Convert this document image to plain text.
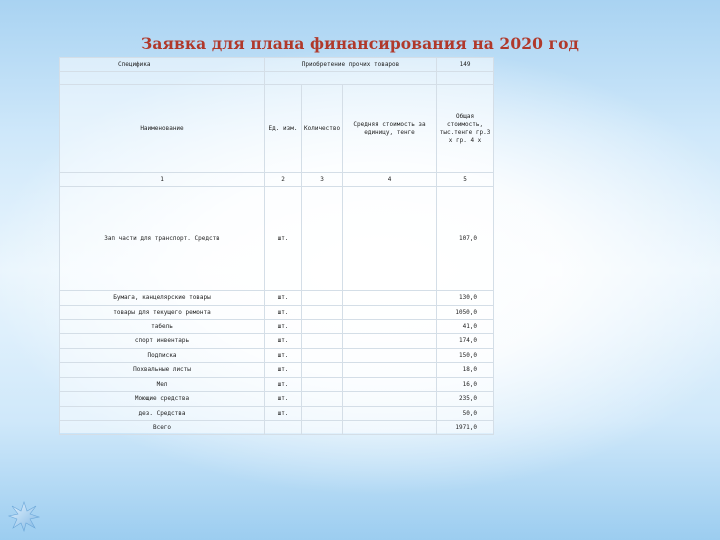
Заявка для плана финансирования на 2020 год
Специфика	Приобретение прочих товаров			149

Наименование	Ед. изм.	Количество	Средняя стоимость за единицу, тенге	Общая стоимость, тыс.тенге гр.3 х гр. 4 х
1	2	3	4	5
Зап части для транспорт. Средств	шт.			107,0
Бумага, канцелярские товары	шт.			130,0
товары для текущего ремонта	шт.			1050,0
табель	шт.			41,0
спорт инвентарь	шт.			174,0
Подписка	шт.			150,0
Похвальные листы	шт.			18,0
Мел	шт.			16,0
Моющие средства	шт.			235,0
дез. Средства	шт.			50,0
Всего				1971,0
